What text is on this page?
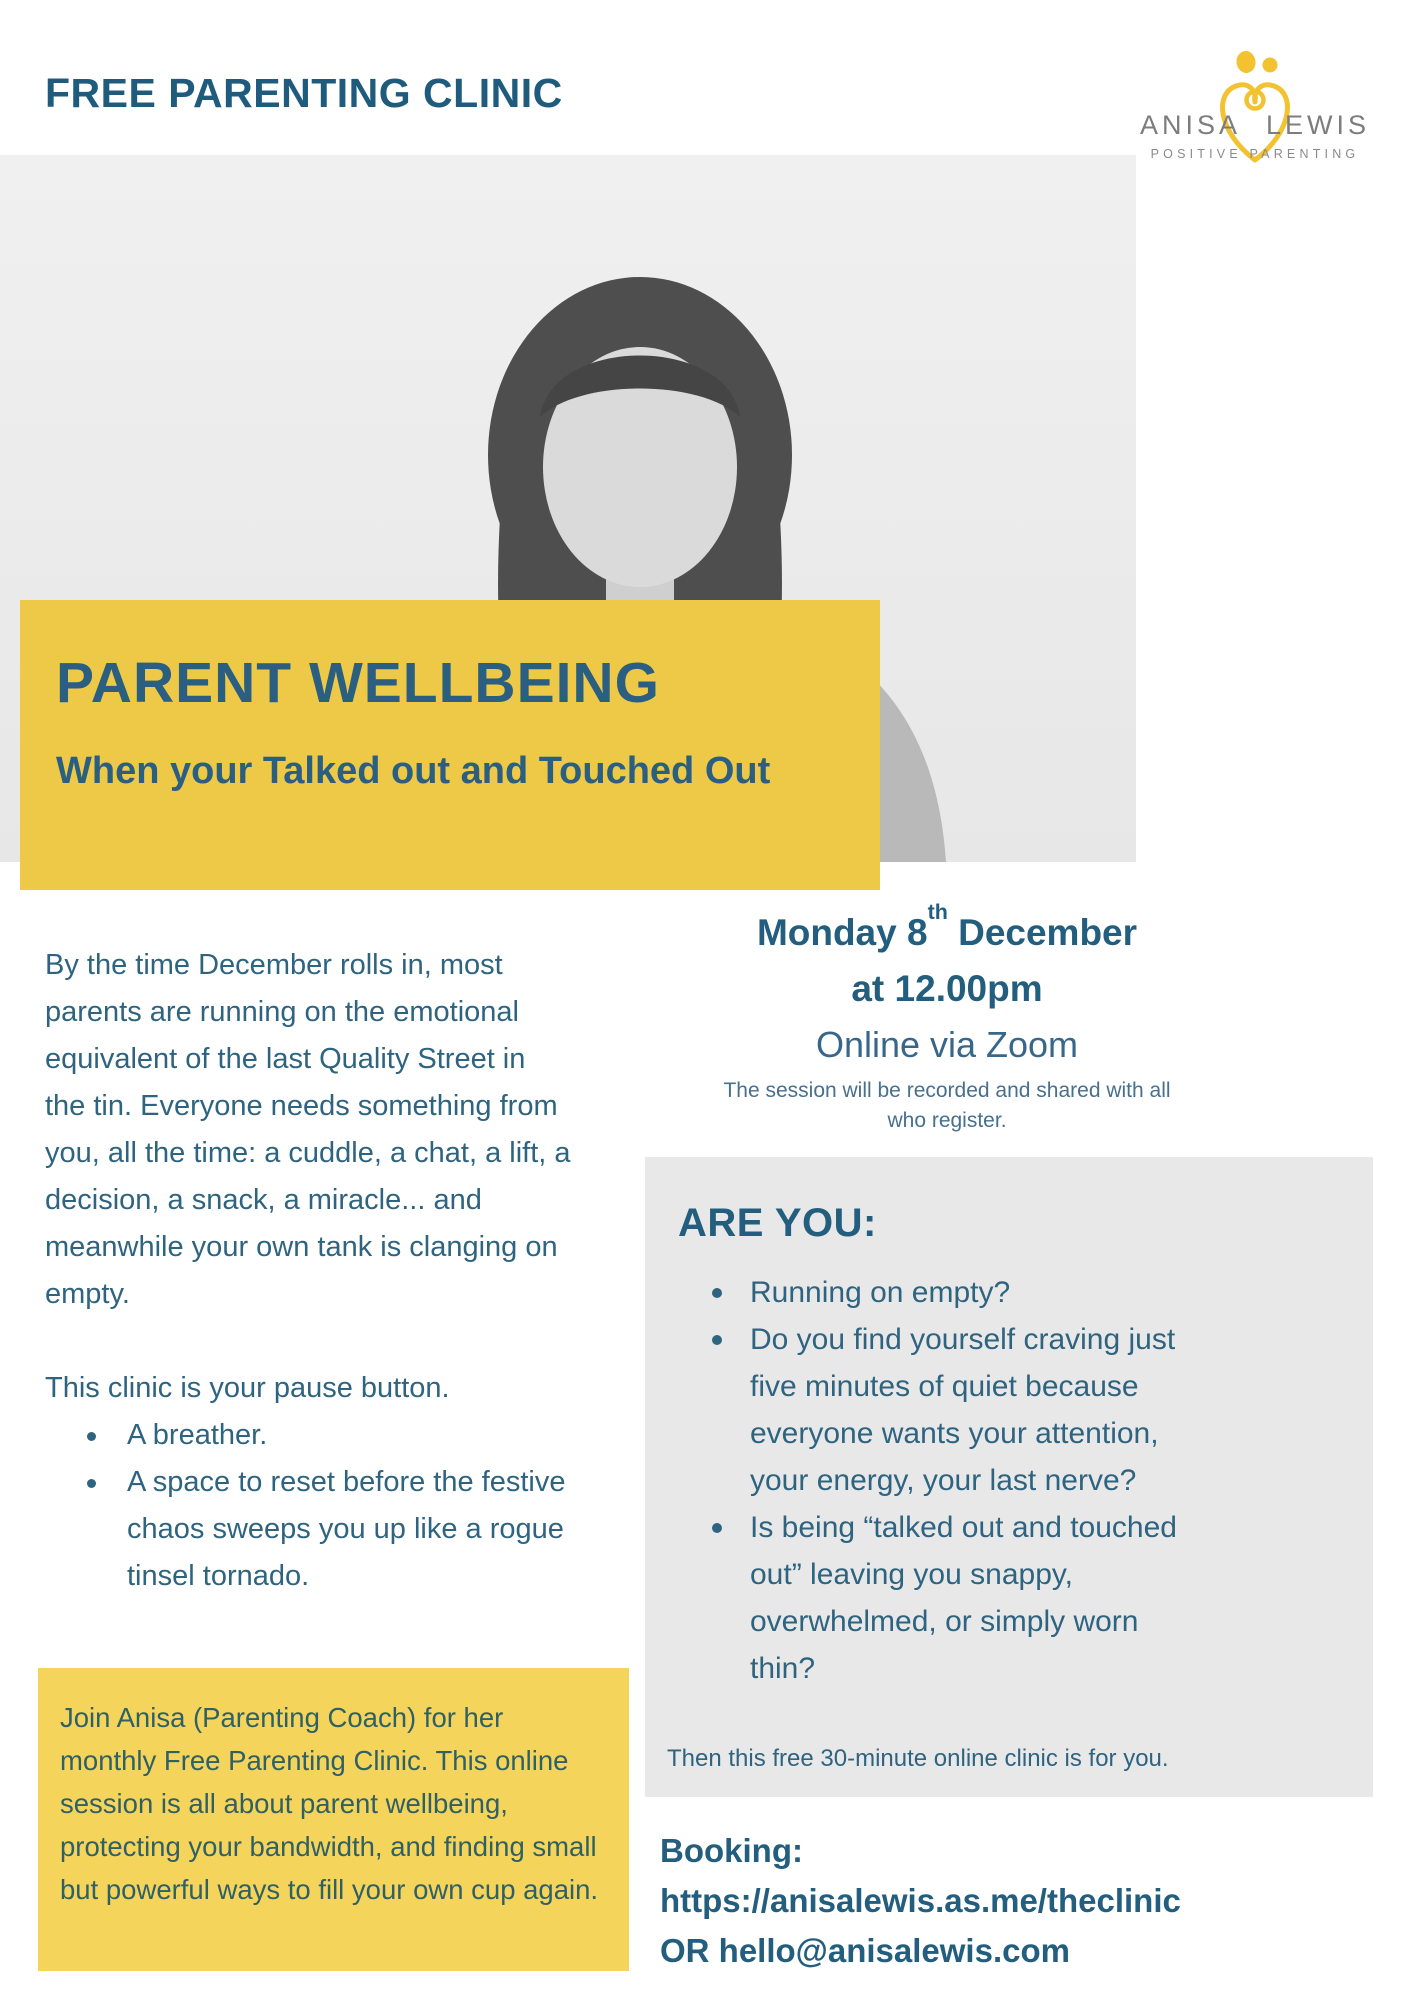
FREE PARENTING CLINIC
ANISA LEWIS
POSITIVE PARENTING
PARENT WELLBEING
When your Talked out and Touched Out

By the time December rolls in, most parents are running on the emotional equivalent of the last Quality Street in the tin. Everyone needs something from you, all the time: a cuddle, a chat, a lift, a decision, a snack, a miracle... and meanwhile your own tank is clanging on empty.

This clinic is your pause button.

A breather.
A space to reset before the festive chaos sweeps you up like a rogue tinsel tornado.
Join Anisa (Parenting Coach) for her monthly Free Parenting Clinic. This online session is all about parent wellbeing, protecting your bandwidth, and finding small but powerful ways to fill your own cup again.
Monday 8th December
at 12.00pm
Online via Zoom
The session will be recorded and shared with all who register.
ARE YOU:
Running on empty?
Do you find yourself craving just five minutes of quiet because everyone wants your attention, your energy, your last nerve?
Is being “talked out and touched out” leaving you snappy, overwhelmed, or simply worn thin?
Then this free 30-minute online clinic is for you.
Booking:
https://anisalewis.as.me/theclinic
OR hello@anisalewis.com
